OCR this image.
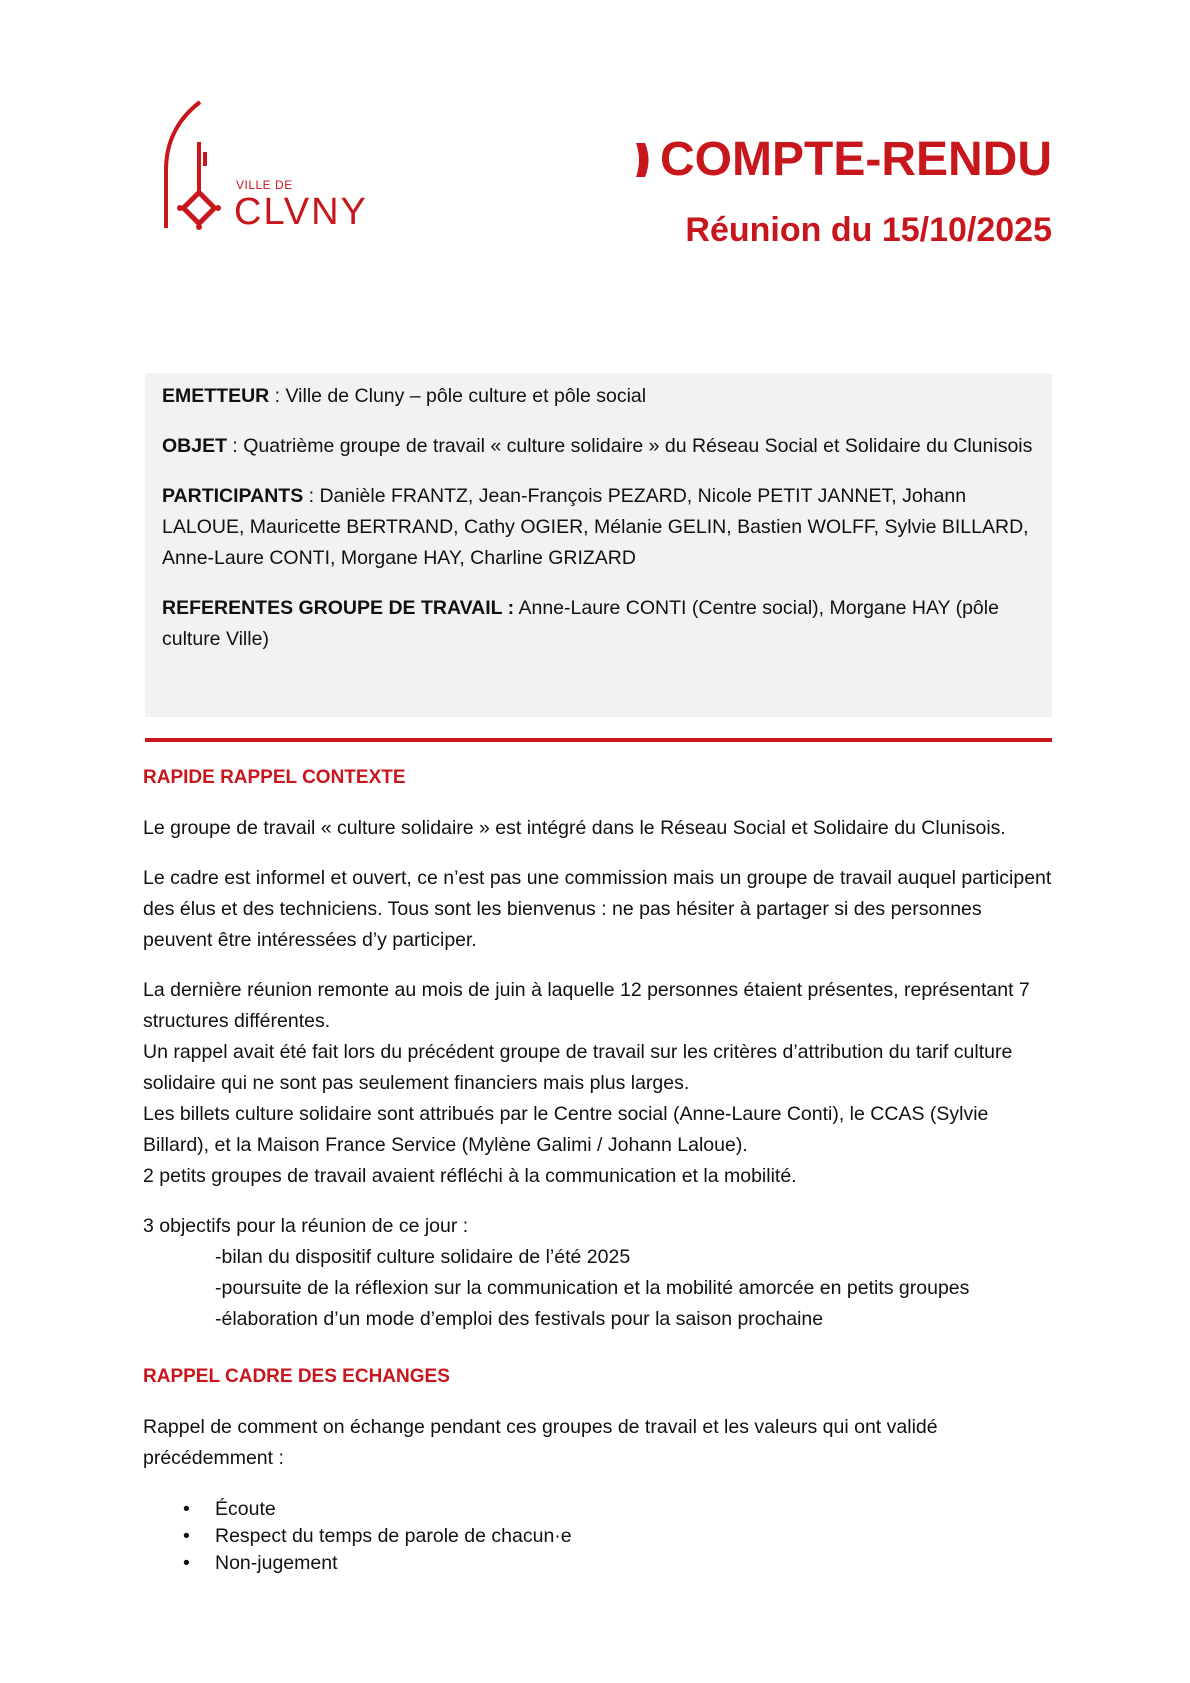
VILLE DE
CLVNY
COMPTE-RENDU
Réunion du 15/10/2025

EMETTEUR : Ville de Cluny – pôle culture et pôle social

OBJET : Quatrième groupe de travail « culture solidaire » du Réseau Social et Solidaire du Clunisois

PARTICIPANTS : Danièle FRANTZ, Jean-François PEZARD, Nicole PETIT JANNET, Johann LALOUE, Mauricette BERTRAND, Cathy OGIER, Mélanie GELIN, Bastien WOLFF, Sylvie BILLARD, Anne-Laure CONTI, Morgane HAY, Charline GRIZARD

REFERENTES GROUPE DE TRAVAIL : Anne-Laure CONTI (Centre social), Morgane HAY (pôle culture Ville)

RAPIDE RAPPEL CONTEXTE

Le groupe de travail « culture solidaire » est intégré dans le Réseau Social et Solidaire du Clunisois.

Le cadre est informel et ouvert, ce n’est pas une commission mais un groupe de travail auquel participent des élus et des techniciens. Tous sont les bienvenus : ne pas hésiter à partager si des personnes peuvent être intéressées d’y participer.

La dernière réunion remonte au mois de juin à laquelle 12 personnes étaient présentes, représentant 7 structures différentes.
Un rappel avait été fait lors du précédent groupe de travail sur les critères d’attribution du tarif culture solidaire qui ne sont pas seulement financiers mais plus larges.
Les billets culture solidaire sont attribués par le Centre social (Anne-Laure Conti), le CCAS (Sylvie Billard), et la Maison France Service (Mylène Galimi / Johann Laloue).
2 petits groupes de travail avaient réfléchi à la communication et la mobilité.

3 objectifs pour la réunion de ce jour :
-bilan du dispositif culture solidaire de l’été 2025
-poursuite de la réflexion sur la communication et la mobilité amorcée en petits groupes
-élaboration d’un mode d’emploi des festivals pour la saison prochaine

RAPPEL CADRE DES ECHANGES

Rappel de comment on échange pendant ces groupes de travail et les valeurs qui ont validé précédemment :

• Écoute
• Respect du temps de parole de chacun·e
• Non-jugement
